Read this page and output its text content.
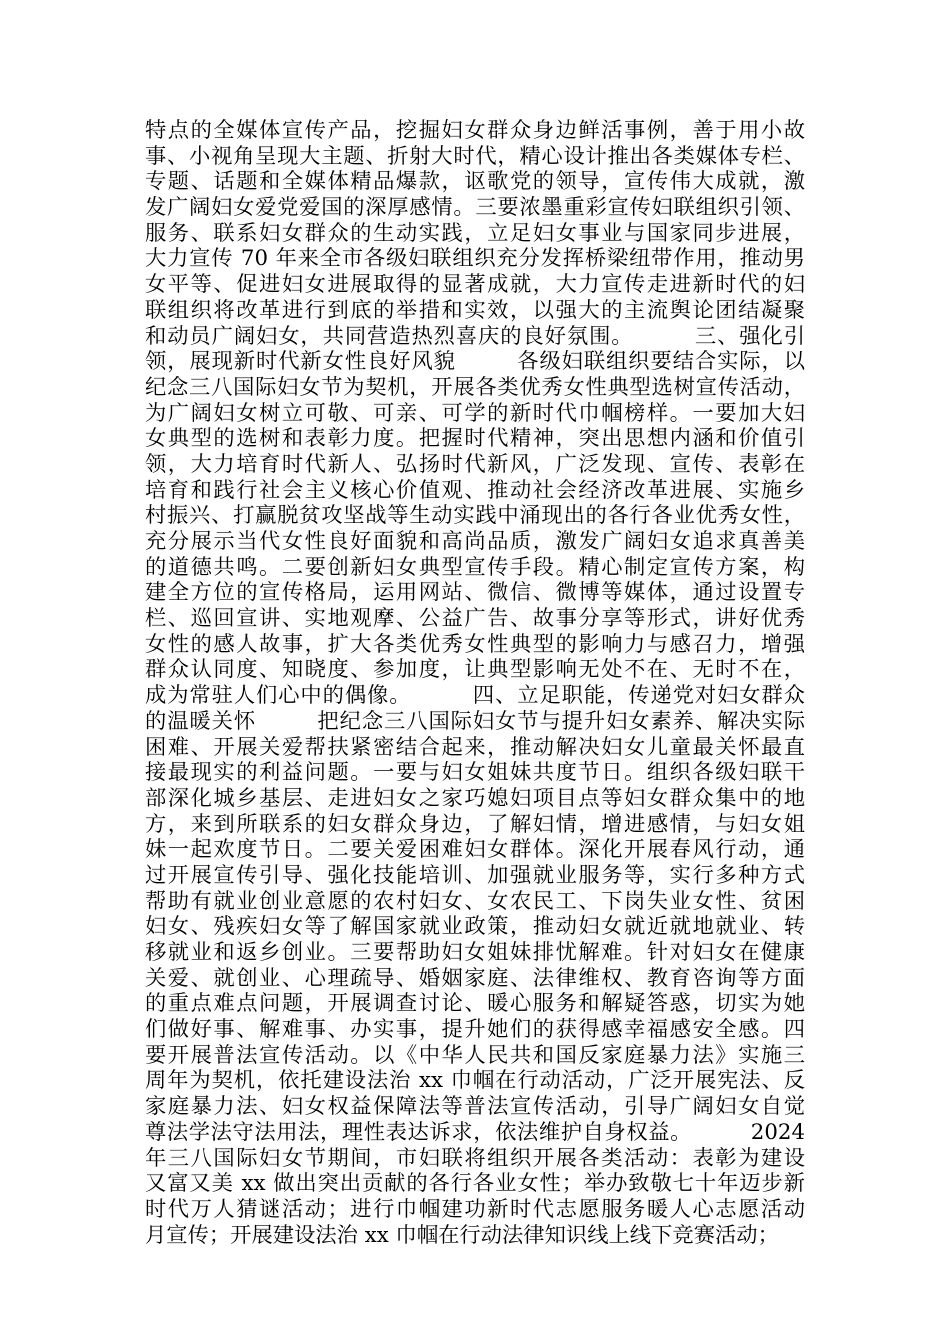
特点的全媒体宣传产品，挖掘妇女群众身边鲜活事例，善于用小故
事、小视角呈现大主题、折射大时代，精心设计推出各类媒体专栏、
专题、话题和全媒体精品爆款，讴歌党的领导，宣传伟大成就，激
发广阔妇女爱党爱国的深厚感情。三要浓墨重彩宣传妇联组织引领、
服务、联系妇女群众的生动实践，立足妇女事业与国家同步进展，
大力宣传 70 年来全市各级妇联组织充分发挥桥梁纽带作用，推动男
女平等、促进妇女进展取得的显著成就，大力宣传走进新时代的妇
联组织将改革进行到底的举措和实效，以强大的主流舆论团结凝聚
和动员广阔妇女，共同营造热烈喜庆的良好氛围。        三、强化引
领，展现新时代新女性良好风貌        各级妇联组织要结合实际，以
纪念三八国际妇女节为契机，开展各类优秀女性典型选树宣传活动，
为广阔妇女树立可敬、可亲、可学的新时代巾帼榜样。一要加大妇
女典型的选树和表彰力度。把握时代精神，突出思想内涵和价值引
领，大力培育时代新人、弘扬时代新风，广泛发现、宣传、表彰在
培育和践行社会主义核心价值观、推动社会经济改革进展、实施乡
村振兴、打赢脱贫攻坚战等生动实践中涌现出的各行各业优秀女性，
充分展示当代女性良好面貌和高尚品质，激发广阔妇女追求真善美
的道德共鸣。二要创新妇女典型宣传手段。精心制定宣传方案，构
建全方位的宣传格局，运用网站、微信、微博等媒体，通过设置专
栏、巡回宣讲、实地观摩、公益广告、故事分享等形式，讲好优秀
女性的感人故事，扩大各类优秀女性典型的影响力与感召力，增强
群众认同度、知晓度、参加度，让典型影响无处不在、无时不在，
成为常驻人们心中的偶像。        四、立足职能，传递党对妇女群众
的温暖关怀        把纪念三八国际妇女节与提升妇女素养、解决实际
困难、开展关爱帮扶紧密结合起来，推动解决妇女儿童最关怀最直
接最现实的利益问题。一要与妇女姐妹共度节日。组织各级妇联干
部深化城乡基层、走进妇女之家巧媳妇项目点等妇女群众集中的地
方，来到所联系的妇女群众身边，了解妇情，增进感情，与妇女姐
妹一起欢度节日。二要关爱困难妇女群体。深化开展春风行动，通
过开展宣传引导、强化技能培训、加强就业服务等，实行多种方式
帮助有就业创业意愿的农村妇女、女农民工、下岗失业女性、贫困
妇女、残疾妇女等了解国家就业政策，推动妇女就近就地就业、转
移就业和返乡创业。三要帮助妇女姐妹排忧解难。针对妇女在健康
关爱、就创业、心理疏导、婚姻家庭、法律维权、教育咨询等方面
的重点难点问题，开展调查讨论、暖心服务和解疑答惑，切实为她
们做好事、解难事、办实事，提升她们的获得感幸福感安全感。四
要开展普法宣传活动。以《中华人民共和国反家庭暴力法》实施三
周年为契机，依托建设法治 xx 巾帼在行动活动，广泛开展宪法、反
家庭暴力法、妇女权益保障法等普法宣传活动，引导广阔妇女自觉
尊法学法守法用法，理性表达诉求，依法维护自身权益。        2024
年三八国际妇女节期间，市妇联将组织开展各类活动：表彰为建设
又富又美 xx 做出突出贡献的各行各业女性；举办致敬七十年迈步新
时代万人猜谜活动；进行巾帼建功新时代志愿服务暖人心志愿活动
月宣传；开展建设法治 xx 巾帼在行动法律知识线上线下竞赛活动；
